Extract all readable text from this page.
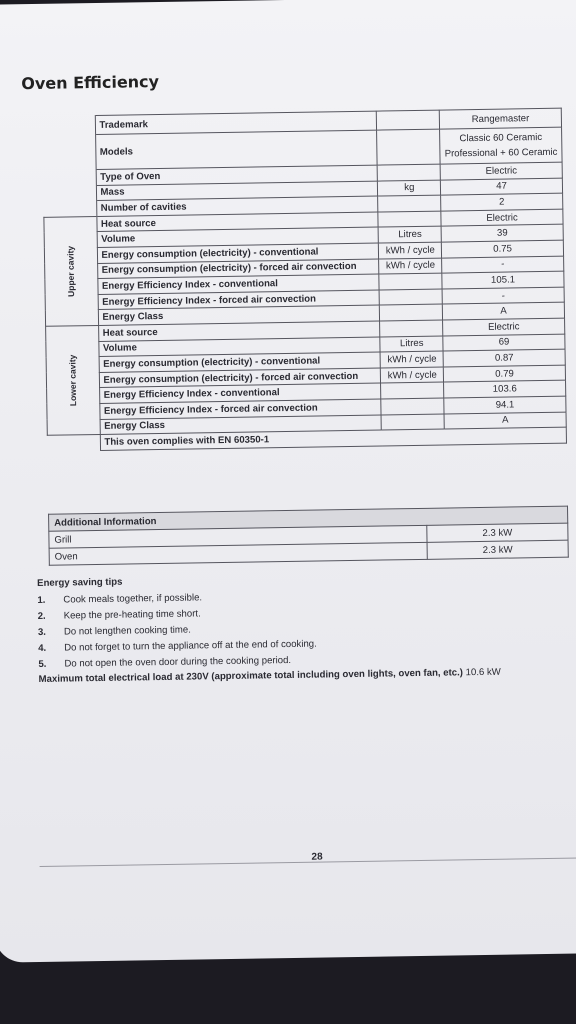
Oven Efficiency
	Trademark		Rangemaster
	Models		Classic 60 Ceramic
Professional + 60 Ceramic

	Type of Oven		Electric
	Mass	kg	47
	Number of cavities		2
Upper cavity	Heat source		Electric
	Volume	Litres	39
	Energy consumption (electricity) - conventional	kWh / cycle	0.75
	Energy consumption (electricity) - forced air convection	kWh / cycle	-
	Energy Efficiency Index - conventional		105.1
	Energy Efficiency Index - forced air convection		-
	Energy Class		A
Lower cavity	Heat source		Electric
	Volume	Litres	69
	Energy consumption (electricity) - conventional	kWh / cycle	0.87
	Energy consumption (electricity) - forced air convection	kWh / cycle	0.79
	Energy Efficiency Index - conventional		103.6
	Energy Efficiency Index - forced air convection		94.1
	Energy Class		A
	This oven complies with EN 60350-1		
Additional Information	
Grill	2.3 kW
Oven	2.3 kW
Energy saving tips
1.	Cook meals together, if possible.
2.	Keep the pre-heating time short.
3.	Do not lengthen cooking time.
4.	Do not forget to turn the appliance off at the end of cooking.
5.	Do not open the oven door during the cooking period.
Maximum total electrical load at 230V (approximate total including oven lights, oven fan, etc.) 10.6 kW
28
